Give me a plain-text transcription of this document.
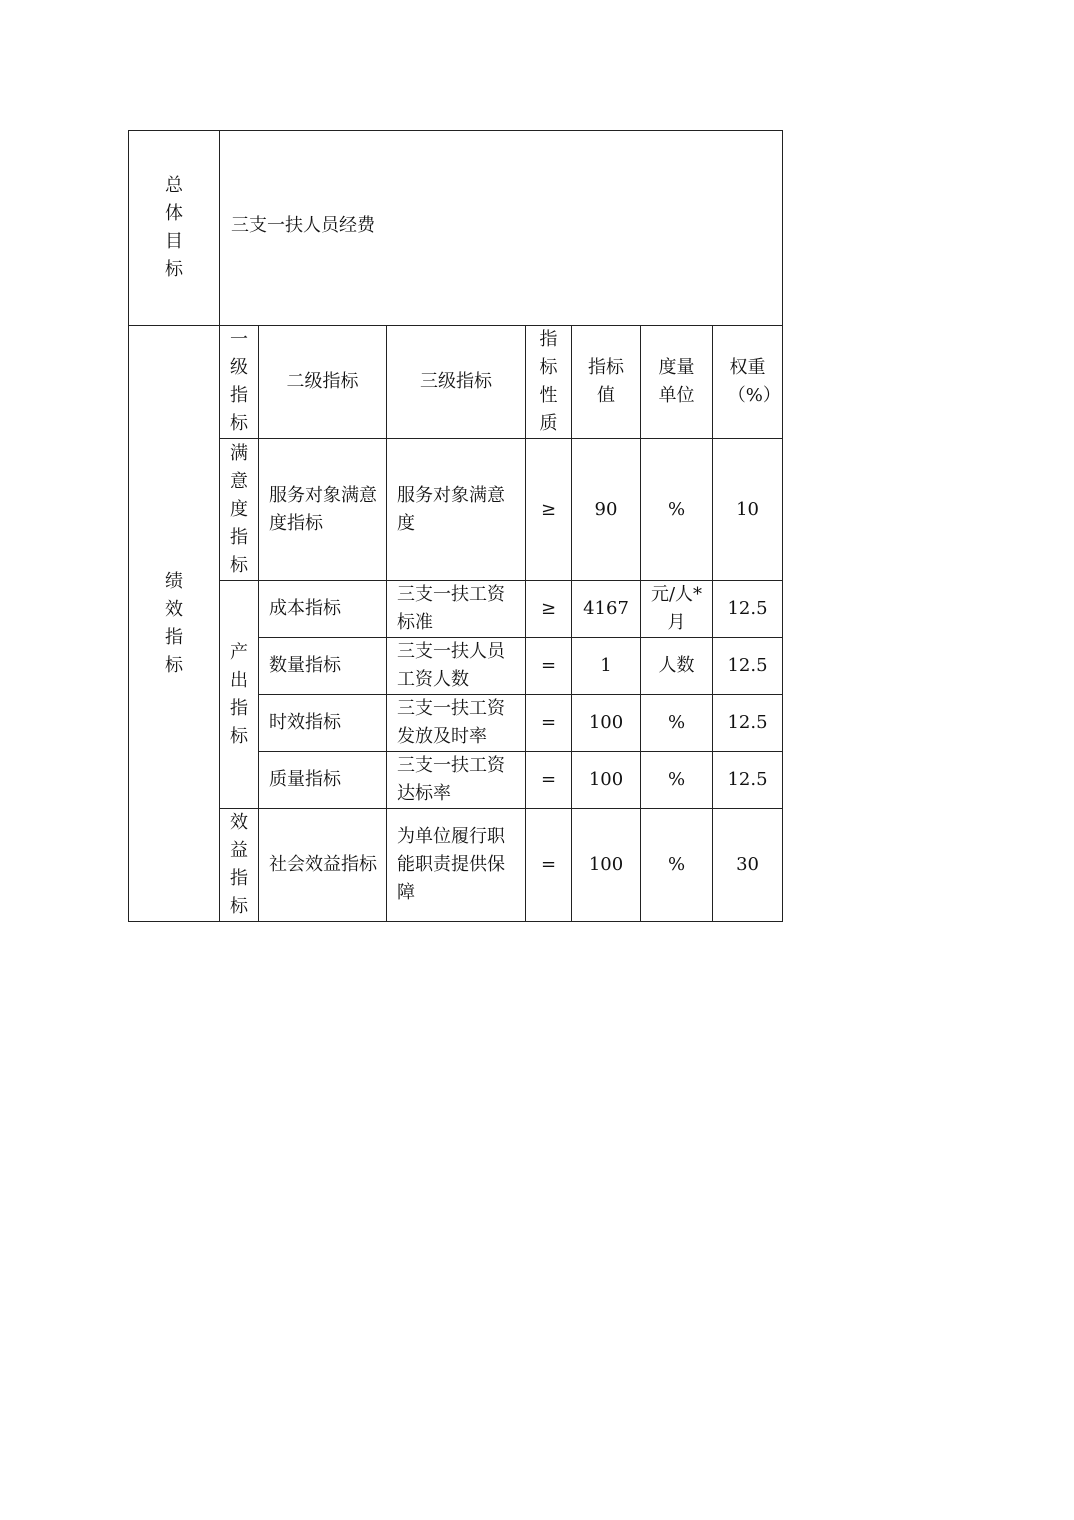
总体目标	三支一扶人员经费						

绩效指标	一级指标	二级指标	三级指标	指标性质	指标值	度量单位	权重（%）

	满意度指标	服务对象满意度指标	服务对象满意度	≥	90	%	10

	产出指标	成本指标	三支一扶工资标准	≥	4167	元/人*月	12.5
		数量指标	三支一扶人员工资人数	=	1	人数	12.5
		时效指标	三支一扶工资发放及时率	=	100	%	12.5
		质量指标	三支一扶工资达标率	=	100	%	12.5

	效益指标	社会效益指标	为单位履行职能职责提供保障	=	100	%	30
